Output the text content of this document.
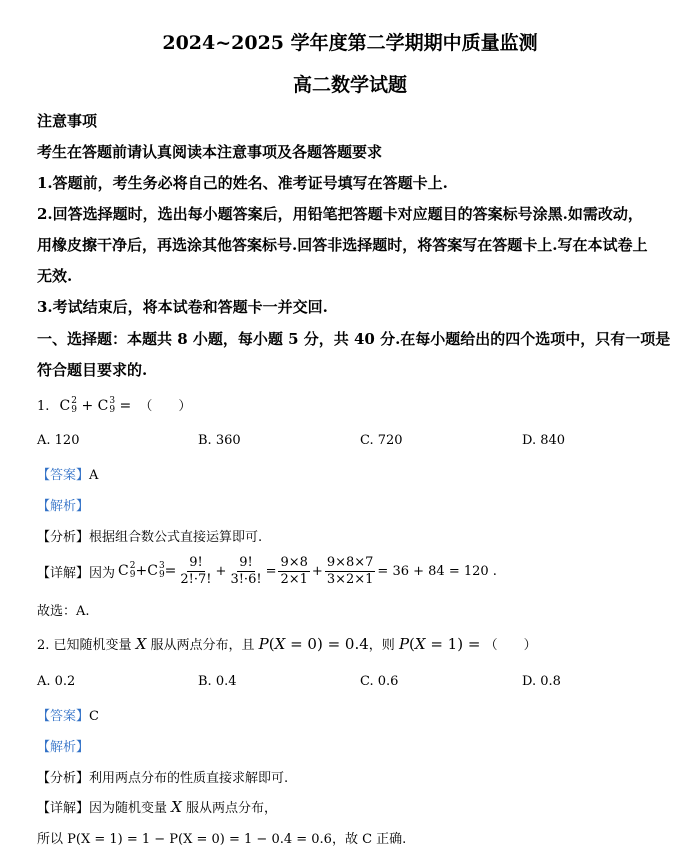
2024~2025 学年度第二学期期中质量监测
高二数学试题
注意事项
考生在答题前请认真阅读本注意事项及各题答题要求
1.答题前，考生务必将自己的姓名、准考证号填写在答题卡上.
2.回答选择题时，选出每小题答案后，用铅笔把答题卡对应题目的答案标号涂黑.如需改动，
用橡皮擦干净后，再选涂其他答案标号.回答非选择题时，将答案写在答题卡上.写在本试卷上
无效.
3.考试结束后，将本试卷和答题卡一并交回.
一、选择题：本题共 8 小题，每小题 5 分，共 40 分.在每小题给出的四个选项中，只有一项是
符合题目要求的.
1. C 2
9 + C 3
9 = （　　）
A. 120	B. 360	C. 720	D. 840
【答案】A
【解析】
【分析】根据组合数公式直接运算即可.
【详解】 因为 C 2
9 +C 3
$9 = \frac{9!}{2!\cdot 7!} + \frac{9!}{3!\cdot 6!} = \frac{9\times 8}{2\times 1} + \frac{9\times 8\times 7}{3\times 2\times 1} = 36 + 84 = 120$ .
故选：A.
2. 已知随机变量 X 服从两点分布，且 P(X = 0) = 0.4，则 P(X = 1) = （　　）
A. 0.2	B. 0.4	C. 0.6	D. 0.8
【答案】C
【解析】
【分析】利用两点分布的性质直接求解即可.
【详解】因为随机变量 X 服从两点分布，
所以 P(X = 1) = 1 − P(X = 0) = 1 − 0.4 = 0.6，故 C 正确.
